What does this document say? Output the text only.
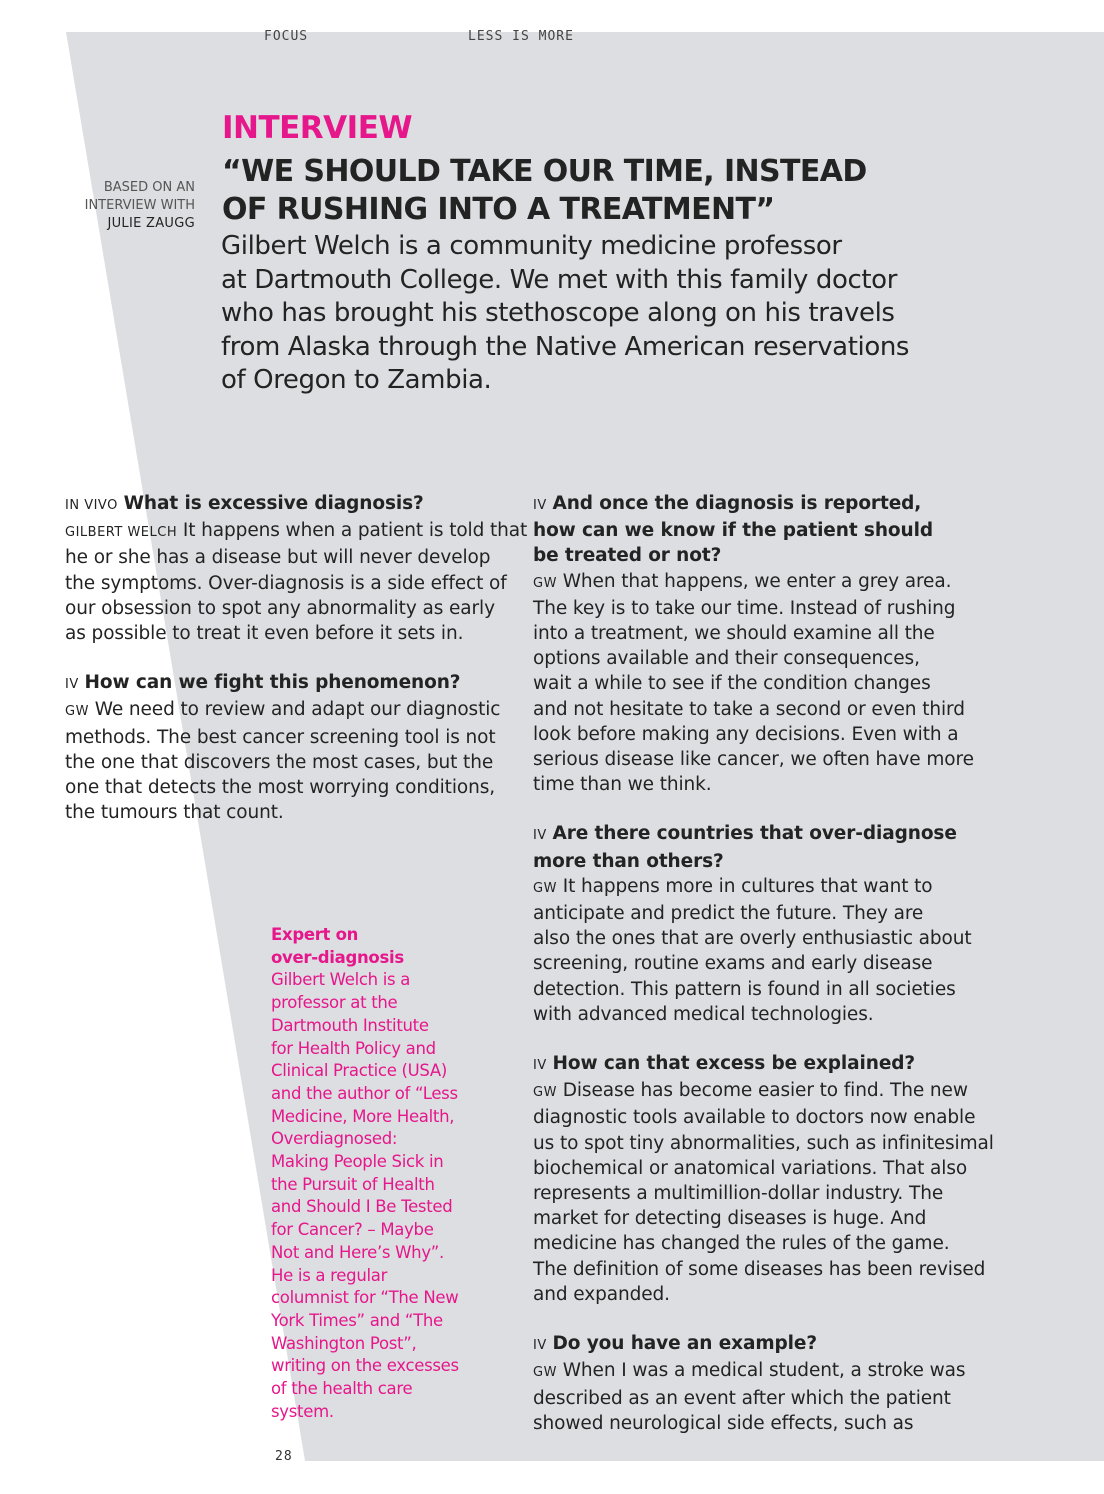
FOCUS	LESS IS MORE
INTERVIEW
“WE SHOULD TAKE OUR TIME, INSTEAD
OF RUSHING INTO A TREATMENT”
BASED ON AN
INTERVIEW WITH
JULIE ZAUGG
Gilbert Welch is a community medicine professor
at Dartmouth College. We met with this family doctor
who has brought his stethoscope along on his travels
from Alaska through the Native American reservations
of Oregon to Zambia.

IN VIVO What is excessive diagnosis?

GILBERT WELCH It happens when a patient is told that

he or she has a disease but will never develop
the symptoms. Over-diagnosis is a side effect of
our obsession to spot any abnormality as early
as possible to treat it even before it sets in.

IV How can we fight this phenomenon?

GW We need to review and adapt our diagnostic

methods. The best cancer screening tool is not
the one that discovers the most cases, but the
one that detects the most worrying conditions,
the tumours that count.

IV And once the diagnosis is reported,

how can we know if the patient should
be treated or not?

GW When that happens, we enter a grey area.

The key is to take our time. Instead of rushing
into a treatment, we should examine all the
options available and their consequences,
wait a while to see if the condition changes
and not hesitate to take a second or even third
look before making any decisions. Even with a
serious disease like cancer, we often have more
time than we think.

IV Are there countries that over-diagnose

more than others?

GW It happens more in cultures that want to

anticipate and predict the future. They are
also the ones that are overly enthusiastic about
screening, routine exams and early disease
detection. This pattern is found in all societies
with advanced medical technologies.

IV How can that excess be explained?

GW Disease has become easier to find. The new

diagnostic tools available to doctors now enable
us to spot tiny abnormalities, such as infinitesimal
biochemical or anatomical variations. That also
represents a multimillion-dollar industry. The
market for detecting diseases is huge. And
medicine has changed the rules of the game.
The definition of some diseases has been revised
and expanded.

IV Do you have an example?

GW When I was a medical student, a stroke was

described as an event after which the patient
showed neurological side effects, such as
Expert on
over-diagnosis
Gilbert Welch is a
professor at the
Dartmouth Institute
for Health Policy and
Clinical Practice (USA)
and the author of “Less
Medicine, More Health,
Overdiagnosed:
Making People Sick in
the Pursuit of Health
and Should I Be Tested
for Cancer? – Maybe
Not and Here’s Why”.
He is a regular
columnist for “The New
York Times” and “The
Washington Post”,
writing on the excesses
of the health care
system.
28
